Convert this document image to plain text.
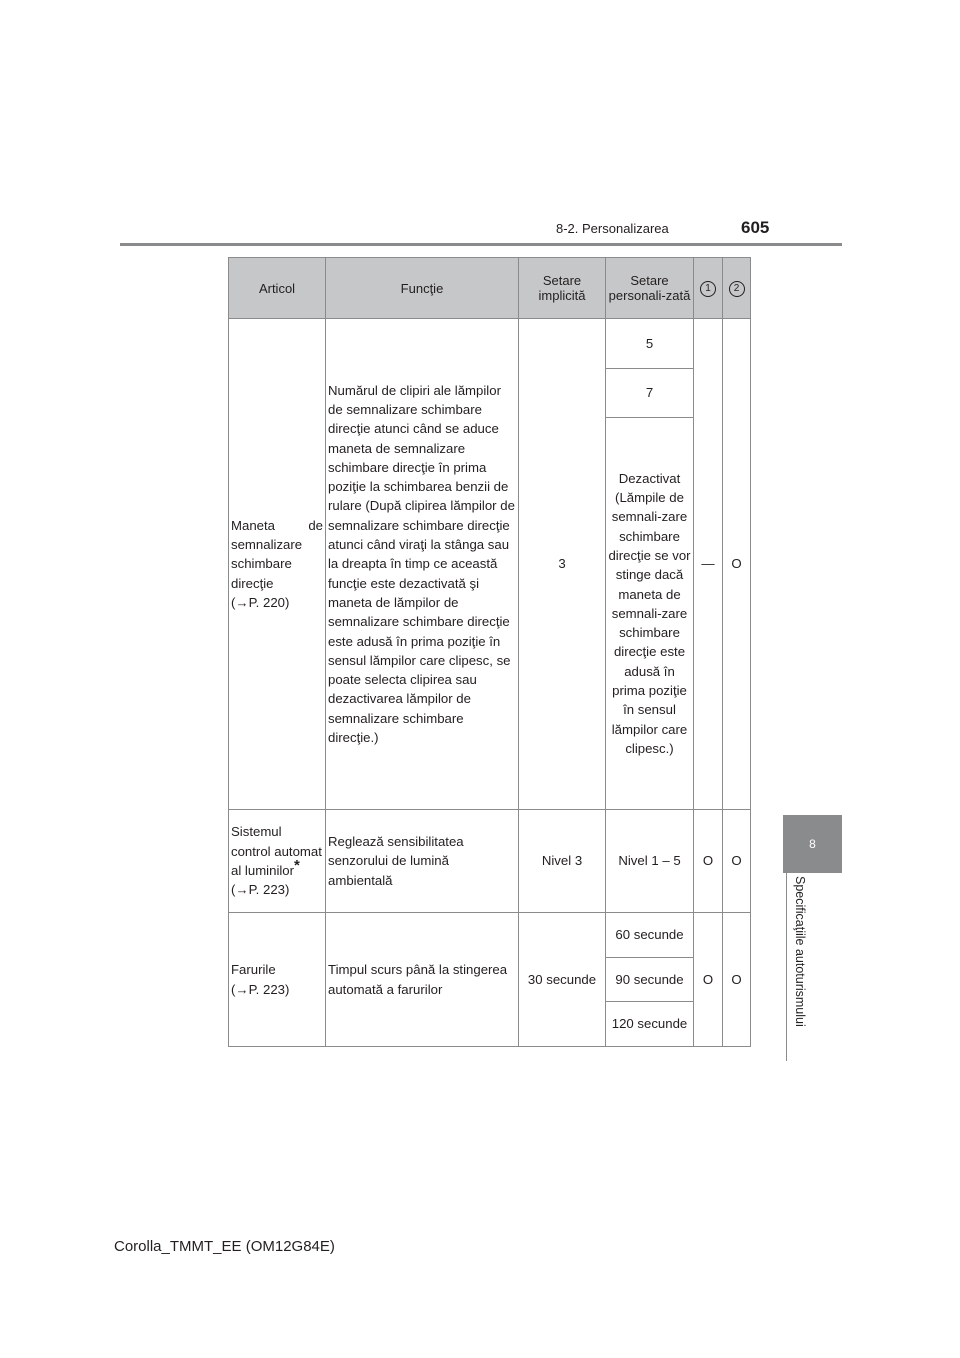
8-2. Personalizarea	605
8
Specificaţiile autoturismului
Articol	Funcţie	Setare implicită	Setare personali-zată	1	2
Maneta de semnalizare schimbare direcţie
(→P. 220)	Numărul de clipiri ale lămpilor de semnalizare schimbare direcţie atunci când se aduce maneta de semnalizare schimbare direcţie în prima poziţie la schimbarea benzii de rulare (După clipirea lămpilor de semnalizare schimbare direcţie atunci când viraţi la stânga sau la dreapta în timp ce această funcţie este dezactivată şi maneta de lămpilor de semnalizare schimbare direcţie este adusă în prima poziţie în sensul lămpilor care clipesc, se poate selecta clipirea sau dezactivarea lămpilor de semnalizare schimbare direcţie.)	3	5	—	O
			7		
			Dezactivat (Lămpile de semnali-zare schimbare direcţie se vor stinge dacă maneta de semnali-zare schimbare direcţie este adusă în prima poziţie în sensul lămpilor care clipesc.)		
Sistemul control automat al luminilor*
(→P. 223)	Reglează sensibilitatea senzorului de lumină ambientală	Nivel 3	Nivel 1 – 5	O	O
Farurile
(→P. 223)	Timpul scurs până la stingerea automată a farurilor	30 secunde	60 secunde	O	O
			90 secunde		
			120 secunde		
Corolla_TMMT_EE (OM12G84E)
